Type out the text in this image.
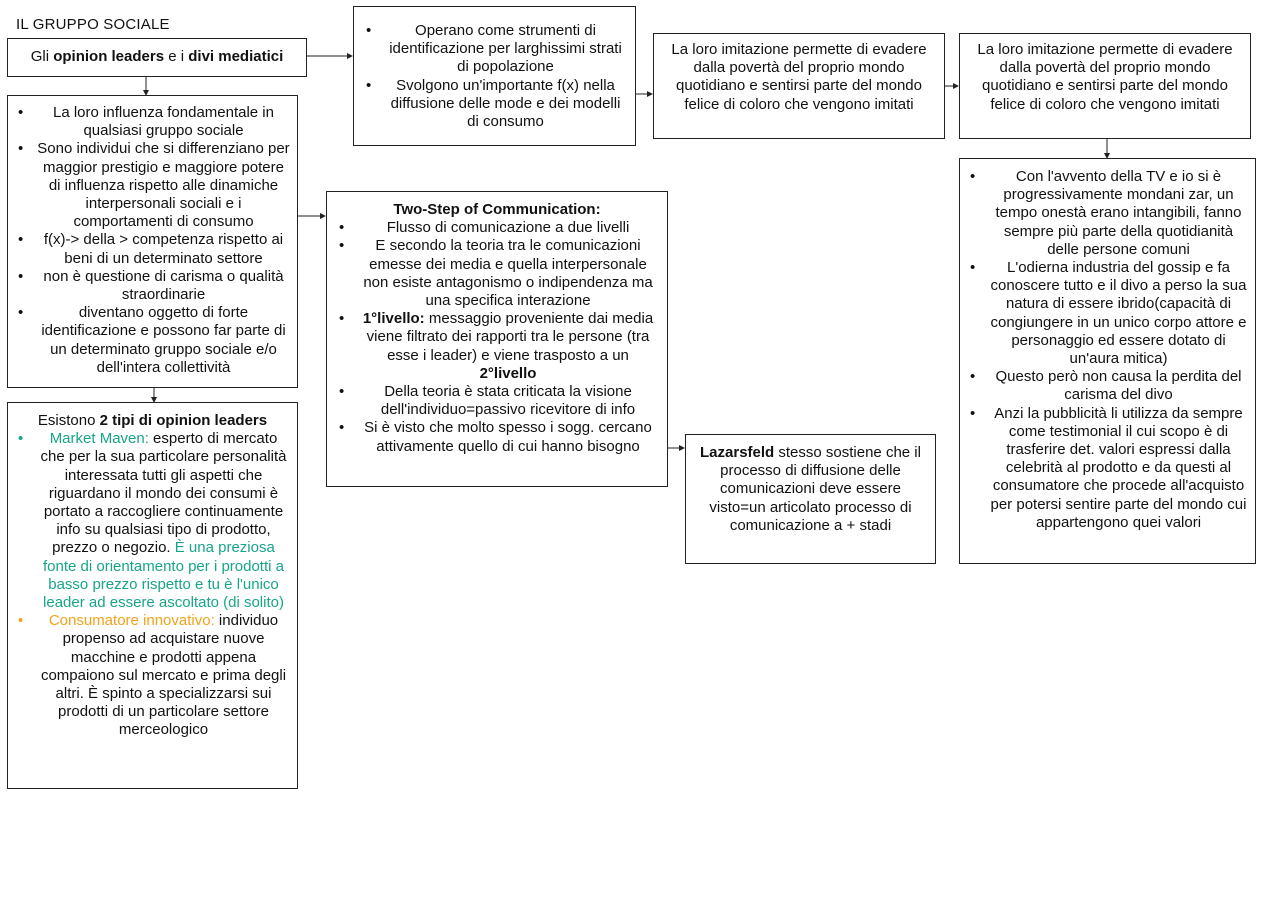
IL GRUPPO SOCIALE
Gli opinion leaders e i divi mediatici
• La loro influenza fondamentale in qualsiasi gruppo sociale
• Sono individui che si differenziano per maggior prestigio e maggiore potere di influenza rispetto alle dinamiche interpersonali sociali e i comportamenti di consumo
• f(x)-> della > competenza rispetto ai beni di un determinato settore
• non è questione di carisma o qualità straordinarie
• diventano oggetto di forte identificazione e possono far parte di un determinato gruppo sociale e/o dell'intera collettività
Esistono 2 tipi di opinion leaders
• Market Maven: esperto di mercato che per la sua particolare personalità interessata tutti gli aspetti che riguardano il mondo dei consumi è portato a raccogliere continuamente info su qualsiasi tipo di prodotto, prezzo o negozio. È una preziosa fonte di orientamento per i prodotti a basso prezzo rispetto e tu è l'unico leader ad essere ascoltato (di solito)
• Consumatore innovativo: individuo propenso ad acquistare nuove macchine e prodotti appena compaiono sul mercato e prima degli altri. È spinto a specializzarsi sui prodotti di un particolare settore merceologico
• Operano come strumenti di identificazione per larghissimi strati di popolazione
• Svolgono un'importante f(x) nella diffusione delle mode e dei modelli di consumo
La loro imitazione permette di evadere dalla povertà del proprio mondo quotidiano e sentirsi parte del mondo felice di coloro che vengono imitati
La loro imitazione permette di evadere dalla povertà del proprio mondo quotidiano e sentirsi parte del mondo felice di coloro che vengono imitati
Two-Step of Communication:
• Flusso di comunicazione a due livelli
• E secondo la teoria tra le comunicazioni emesse dei media e quella interpersonale non esiste antagonismo o indipendenza ma una specifica interazione
• 1°livello: messaggio proveniente dai media viene filtrato dei rapporti tra le persone (tra esse i leader) e viene trasposto a un 2°livello
• Della teoria è stata criticata la visione dell'individuo=passivo ricevitore di info
• Si è visto che molto spesso i sogg. cercano attivamente quello di cui hanno bisogno	Lazarsfeld stesso sostiene che il processo di diffusione delle comunicazioni deve essere visto=un articolato processo di comunicazione a + stadi
• Con l'avvento della TV e io si è progressivamente mondani zar, un tempo onestà erano intangibili, fanno sempre più parte della quotidianità delle persone comuni
• L'odierna industria del gossip e fa conoscere tutto e il divo a perso la sua natura di essere ibrido(capacità di congiungere in un unico corpo attore e personaggio ed essere dotato di un'aura mitica)
• Questo però non causa la perdita del carisma del divo
• Anzi la pubblicità li utilizza da sempre come testimonial il cui scopo è di trasferire det. valori espressi dalla celebrità al prodotto e da questi al consumatore che procede all'acquisto per potersi sentire parte del mondo cui appartengono quei valori
